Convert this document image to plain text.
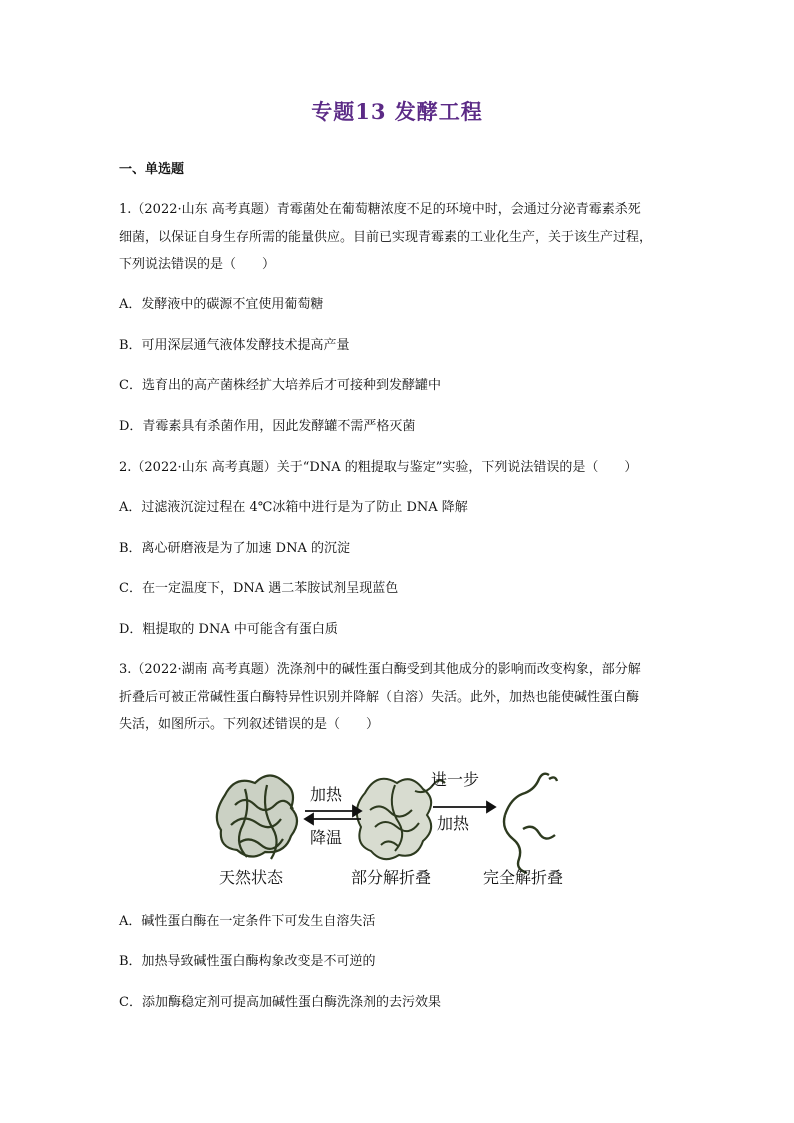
专题13 发酵工程
一、单选题
1.（2022·山东 高考真题）青霉菌处在葡萄糖浓度不足的环境中时，会通过分泌青霉素杀死
细菌，以保证自身生存所需的能量供应。目前已实现青霉素的工业化生产，关于该生产过程，
下列说法错误的是（　　）
A．发酵液中的碳源不宜使用葡萄糖
B．可用深层通气液体发酵技术提高产量
C．选育出的高产菌株经扩大培养后才可接种到发酵罐中
D．青霉素具有杀菌作用，因此发酵罐不需严格灭菌
2.（2022·山东 高考真题）关于“DNA 的粗提取与鉴定”实验，下列说法错误的是（　　）
A．过滤液沉淀过程在 4℃冰箱中进行是为了防止 DNA 降解
B．离心研磨液是为了加速 DNA 的沉淀
C．在一定温度下，DNA 遇二苯胺试剂呈现蓝色
D．粗提取的 DNA 中可能含有蛋白质
3.（2022·湖南 高考真题）洗涤剂中的碱性蛋白酶受到其他成分的影响而改变构象，部分解
折叠后可被正常碱性蛋白酶特异性识别并降解（自溶）失活。此外，加热也能使碱性蛋白酶
失活，如图所示。下列叙述错误的是（　　）
加热
降温
进一步
加热
天然状态	部分解折叠	完全解折叠
A．碱性蛋白酶在一定条件下可发生自溶失活
B．加热导致碱性蛋白酶构象改变是不可逆的
C．添加酶稳定剂可提高加碱性蛋白酶洗涤剂的去污效果
